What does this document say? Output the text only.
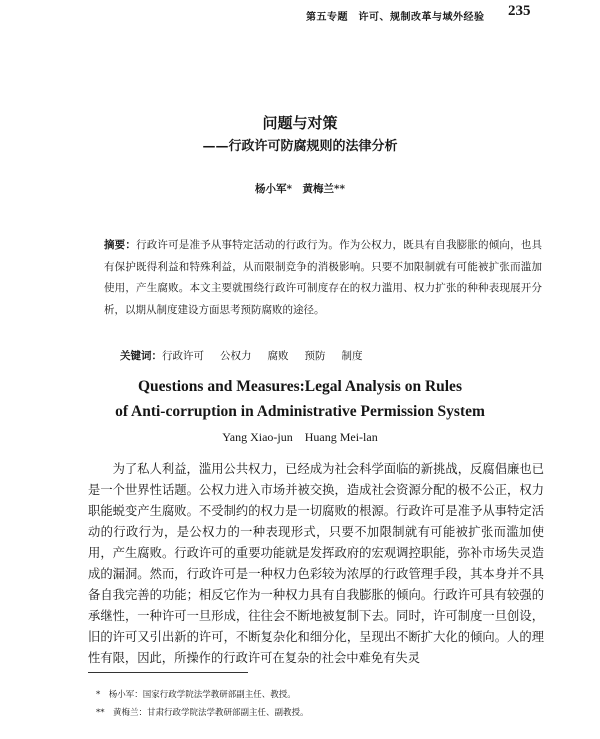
第五专题　许可、规制改革与域外经验 235
问题与对策
——行政许可防腐规则的法律分析
杨小军*　黄梅兰**

摘要：行政许可是准予从事特定活动的行政行为。作为公权力，既具有自我膨胀的倾向，也具有保护既得利益和特殊利益，从而限制竞争的消极影响。只要不加限制就有可能被扩张而滥加使用，产生腐败。本文主要就围绕行政许可制度存在的权力滥用、权力扩张的种种表现展开分析，以期从制度建设方面思考预防腐败的途径。

关键词：行政许可 公权力 腐败 预防 制度
Questions and Measures:Legal Analysis on Rules
of Anti-corruption in Administrative Permission System
Yang Xiao-jun　Huang Mei-lan

为了私人利益，滥用公共权力，已经成为社会科学面临的新挑战，反腐倡廉也已是一个世界性话题。公权力进入市场并被交换，造成社会资源分配的极不公正，权力职能蜕变产生腐败。不受制约的权力是一切腐败的根源。行政许可是准予从事特定活动的行政行为，是公权力的一种表现形式，只要不加限制就有可能被扩张而滥加使用，产生腐败。行政许可的重要功能就是发挥政府的宏观调控职能，弥补市场失灵造成的漏洞。然而，行政许可是一种权力色彩较为浓厚的行政管理手段，其本身并不具备自我完善的功能；相反它作为一种权力具有自我膨胀的倾向。行政许可具有较强的承继性，一种许可一旦形成，往往会不断地被复制下去。同时，许可制度一旦创设，旧的许可又引出新的许可，不断复杂化和细分化，呈现出不断扩大化的倾向。人的理性有限，因此，所操作的行政许可在复杂的社会中难免有失灵

*　杨小军：国家行政学院法学教研部副主任、教授。
**　黄梅兰：甘肃行政学院法学教研部副主任、副教授。
